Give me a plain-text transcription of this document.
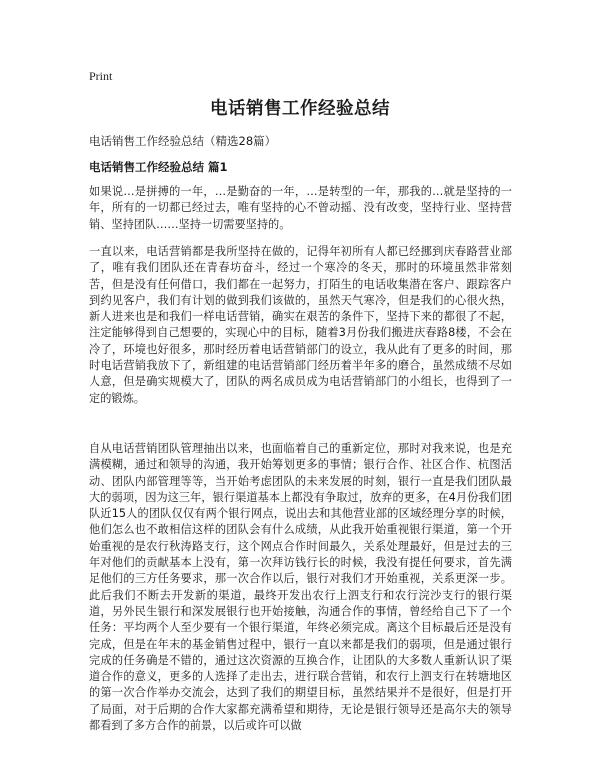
Print
电话销售工作经验总结

电话销售工作经验总结（精选28篇）

电话销售工作经验总结 篇1

如果说…是拼搏的一年，…是勤奋的一年，…是转型的一年，那我的…就是坚持的一年，所有的一切都已经过去，唯有坚持的心不曾动摇、没有改变，坚持行业、坚持营销、坚持团队……坚持一切需要坚持的。

一直以来，电话营销都是我所坚持在做的，记得年初所有人都已经挪到庆春路营业部了，唯有我们团队还在青春坊奋斗，经过一个寒冷的冬天，那时的环境虽然非常刻苦，但是没有任何借口，我们都在一起努力，打陌生的电话收集潜在客户、跟踪客户到约见客户，我们有计划的做到我们该做的，虽然天气寒冷，但是我们的心很火热，新人进来也是和我们一样电话营销，确实在艰苦的条件下，坚持下来的都很了不起，注定能够得到自己想要的，实现心中的目标，随着3月份我们搬进庆春路8楼，不会在冷了，环境也好很多，那时经历着电话营销部门的设立，我从此有了更多的时间，那时电话营销我放下了，新组建的电话营销部门经历着半年多的磨合，虽然成绩不尽如人意，但是确实规模大了，团队的两名成员成为电话营销部门的小组长，也得到了一定的锻炼。

自从电话营销团队管理抽出以来，也面临着自己的重新定位，那时对我来说，也是充满模糊，通过和领导的沟通，我开始筹划更多的事情；银行合作、社区合作、杭图活动、团队内部管理等等，当开始考虑团队的未来发展的时刻，银行一直是我们团队最大的弱项，因为这三年，银行渠道基本上都没有争取过，放弃的更多，在4月份我们团队近15人的团队仅仅有两个银行网点，说出去和其他营业部的区域经理分享的时候，他们怎么也不敢相信这样的团队会有什么成绩，从此我开始重视银行渠道，第一个开始重视的是农行秋涛路支行，这个网点合作时间最久，关系处理最好，但是过去的三年对他们的贡献基本上没有，第一次拜访钱行长的时候，我没有提任何要求，首先满足他们的三方任务要求，那一次合作以后，银行对我们才开始重视，关系更深一步。此后我们不断去开发新的渠道，最终开发出农行上泗支行和农行浣沙支行的银行渠道，另外民生银行和深发展银行也开始接触，沟通合作的事情，曾经给自己下了一个任务：平均两个人至少要有一个银行渠道，年终必须完成。离这个目标最后还是没有完成，但是在年末的基金销售过程中，银行一直以来都是我们的弱项，但是通过银行完成的任务确是不错的，通过这次资源的互换合作，让团队的大多数人重新认识了渠道合作的意义，更多的人选择了走出去，进行联合营销，和农行上泗支行在转塘地区的第一次合作举办交流会，达到了我们的期望目标，虽然结果并不是很好，但是打开了局面，对于后期的合作大家都充满希望和期待，无论是银行领导还是高尔夫的领导都看到了多方合作的前景，以后或许可以做
